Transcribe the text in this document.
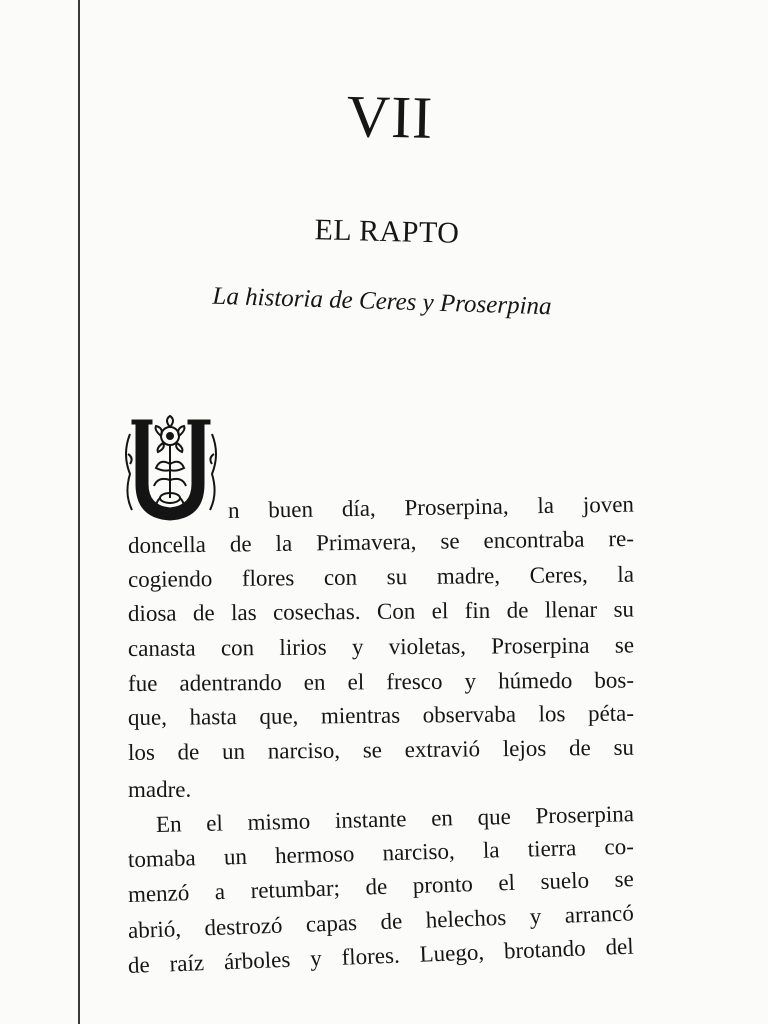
VII
EL RAPTO
La historia de Ceres y Proserpina
n buen día, Proserpina, la joven
doncella de la Primavera, se encontraba re-
cogiendo flores con su madre, Ceres, la
diosa de las cosechas. Con el fin de llenar su
canasta con lirios y violetas, Proserpina se
fue adentrando en el fresco y húmedo bos-
que, hasta que, mientras observaba los péta-
los de un narciso, se extravió lejos de su
madre.
En el mismo instante en que Proserpina
tomaba un hermoso narciso, la tierra co-
menzó a retumbar; de pronto el suelo se
abrió, destrozó capas de helechos y arrancó
de raíz árboles y flores. Luego, brotando del
